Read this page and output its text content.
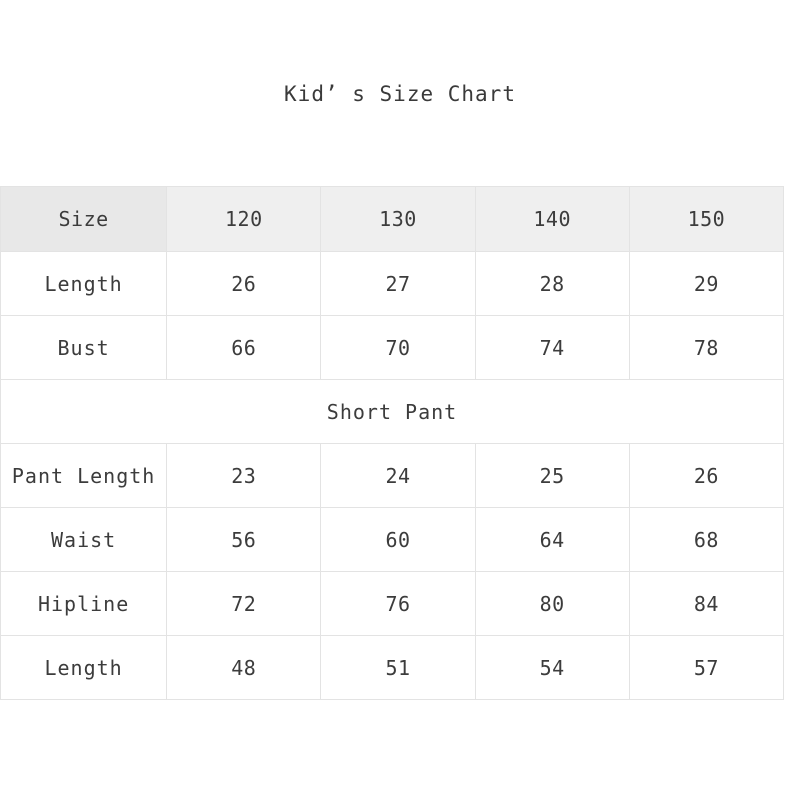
Kid’ s Size Chart
Size	120	130	140	150
Length	26	27	28	29
Bust	66	70	74	78
Short Pant				
Pant Length	23	24	25	26
Waist	56	60	64	68
Hipline	72	76	80	84
Length	48	51	54	57
